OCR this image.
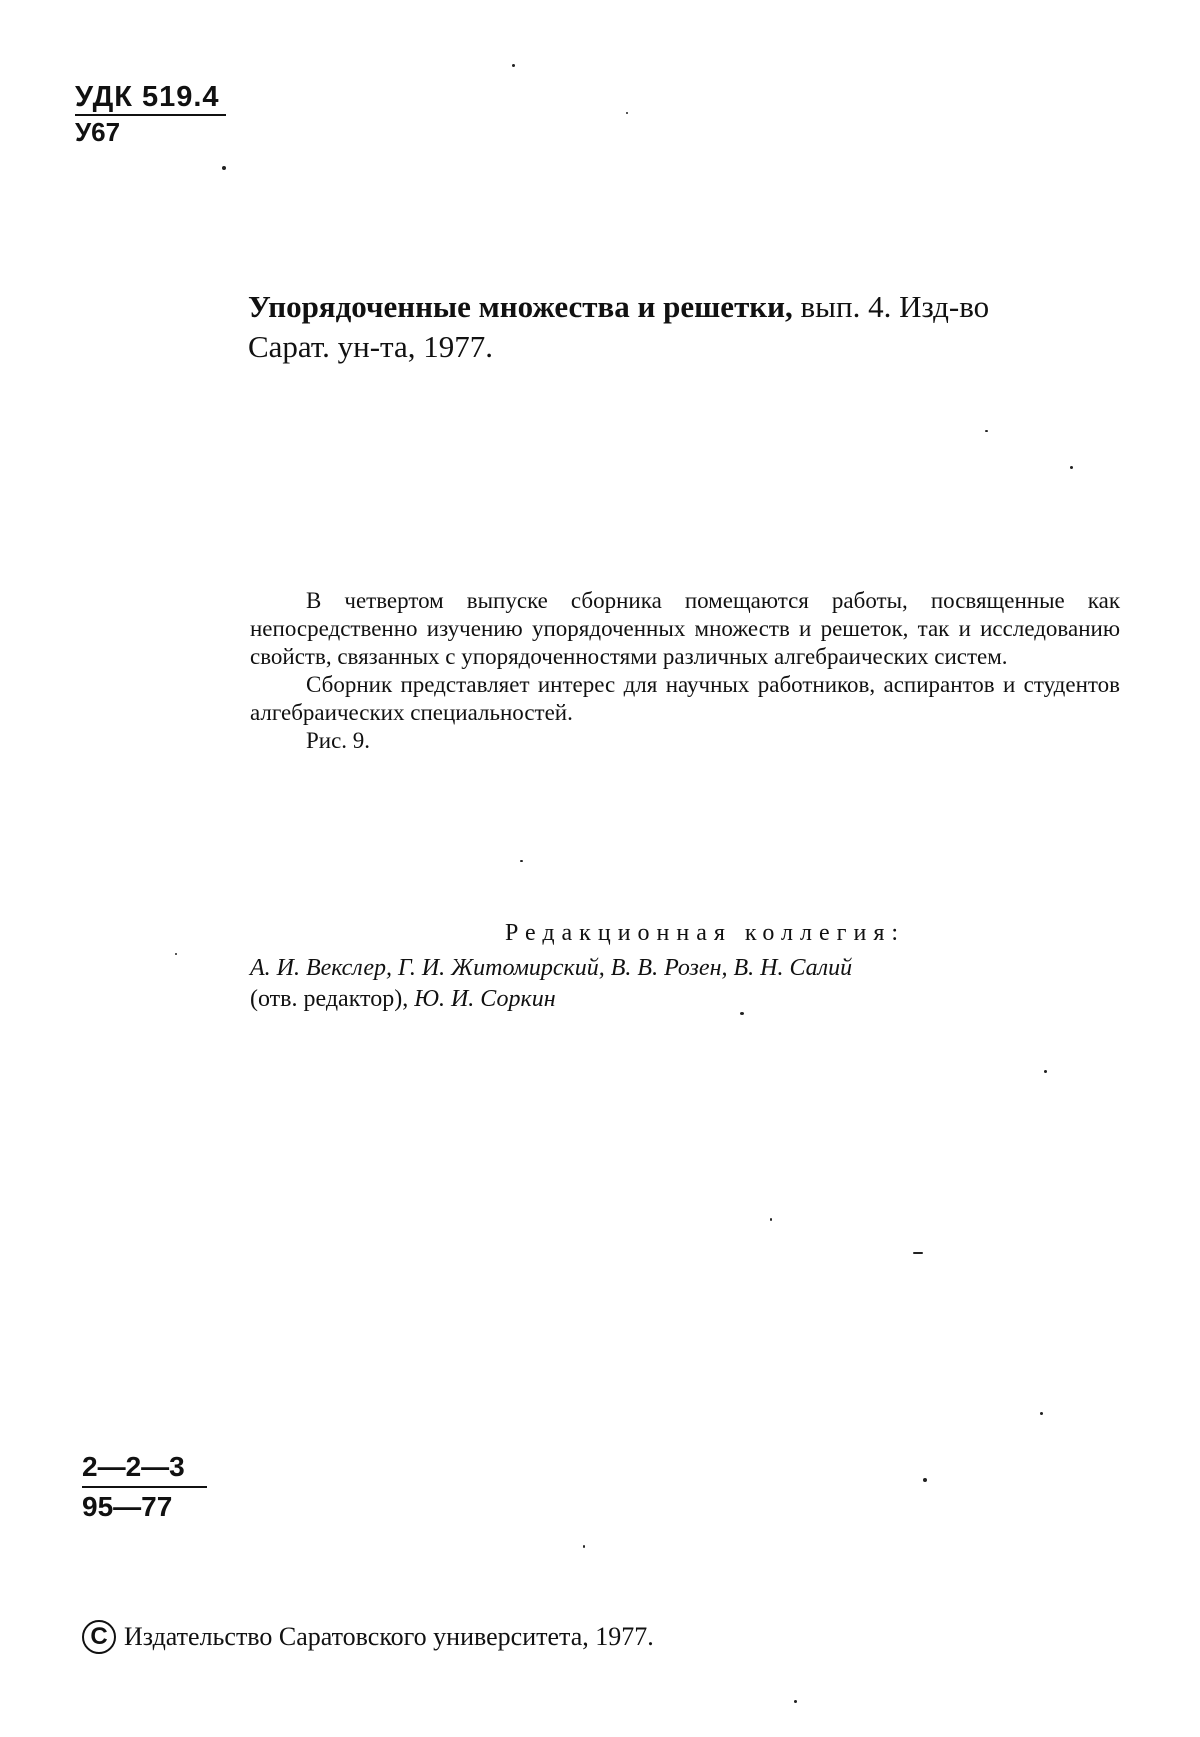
УДК 519.4
У67
Упорядоченные множества и решетки, вып. 4. Изд-во
Сарат. ун-та, 1977.

В четвертом выпуске сборника помещаются работы, посвященные как непосредственно изучению упорядоченных множеств и решеток, так и исследованию свойств, связанных с упорядоченностями различных алгебраических систем.

Сборник представляет интерес для научных работников, аспирантов и студентов алгебраических специальностей.

Рис. 9.

Редакционная коллегия:
А. И. Векслер, Г. И. Житомирский, В. В. Розен, В. Н. Салий
(отв. редактор), Ю. И. Соркин
$\frac{2—2—3}{95—77}$
C Издательство Саратовского университета, 1977.
